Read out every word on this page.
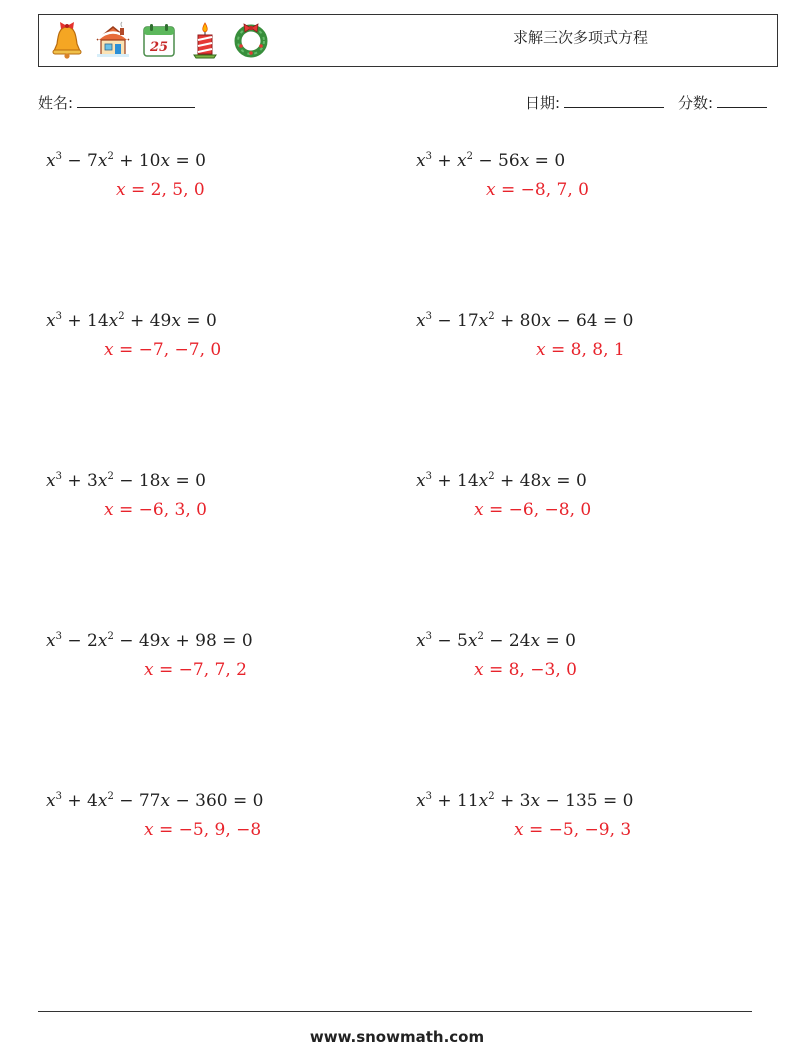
25
求解三次多项式方程
姓名:	日期:	分数:
$x^3 - 7x^2 + 10x = 0$
x = 2, 5, 0
$x^3 + x^2 - 56x = 0$
x = −8, 7, 0
$x^3 + 14x^2 + 49x = 0$
x = −7, −7, 0
$x^3 - 17x^2 + 80x - 64 = 0$
x = 8, 8, 1
$x^3 + 3x^2 - 18x = 0$
x = −6, 3, 0
$x^3 + 14x^2 + 48x = 0$
x = −6, −8, 0
$x^3 - 2x^2 - 49x + 98 = 0$
x = −7, 7, 2
$x^3 - 5x^2 - 24x = 0$
x = 8, −3, 0
$x^3 + 4x^2 - 77x - 360 = 0$
x = −5, 9, −8
$x^3 + 11x^2 + 3x - 135 = 0$
x = −5, −9, 3
www.snowmath.com
